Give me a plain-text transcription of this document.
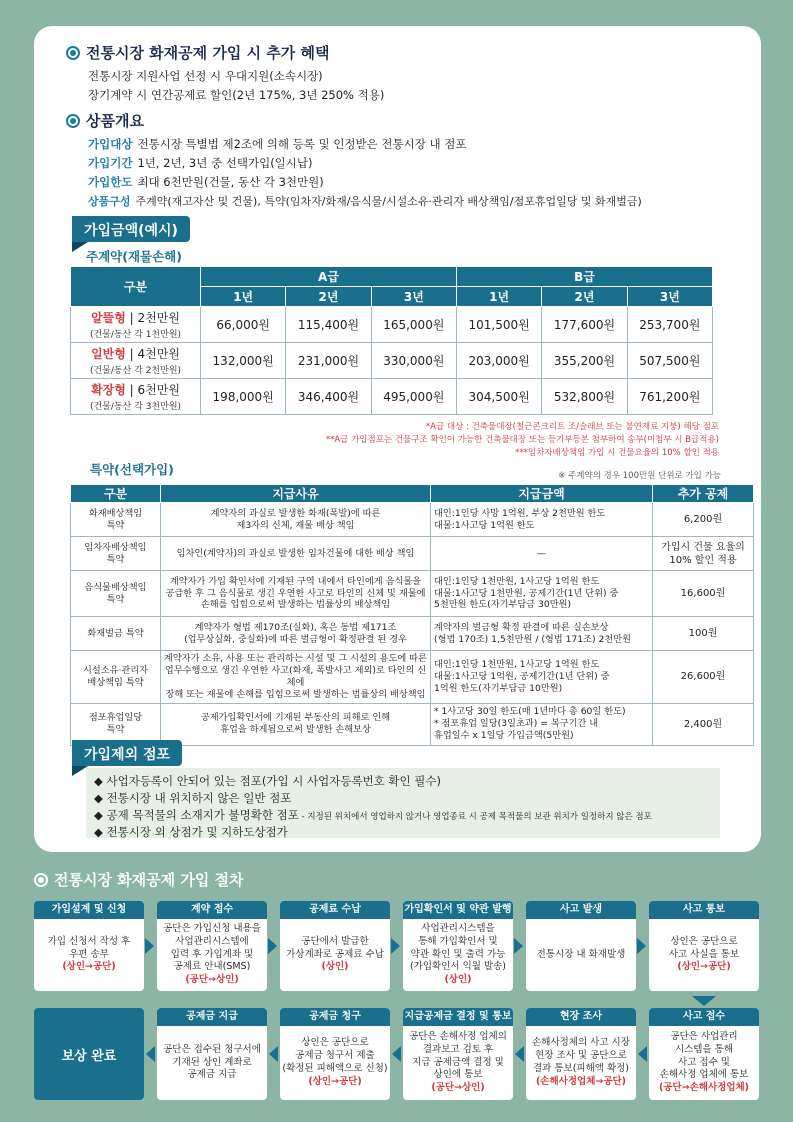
전통시장 화재공제 가입 시 추가 혜택
전통시장 지원사업 선정 시 우대지원(소속시장)
장기계약 시 연간공제료 할인(2년 175%, 3년 250% 적용)
상품개요
가입대상 전통시장 특별법 제2조에 의해 등록 및 인정받은 전통시장 내 점포
가입기간 1년, 2년, 3년 중 선택가입(일시납)
가입한도 최대 6천만원(건물, 동산 각 3천만원)
상품구성 주계약(재고자산 및 건물), 특약(임차자/화재/음식물/시설소유·관리자 배상책임/점포휴업일당 및 화재벌금)
가입금액(예시)
주계약(재물손해)
구분	A급			B급		
	1년	2년	3년	1년	2년	3년
알뜰형 | 2천만원
(건물/동산 각 1천만원)	66,000원	115,400원	165,000원	101,500원	177,600원	253,700원
일반형 | 4천만원
(건물/동산 각 2천만원)	132,000원	231,000원	330,000원	203,000원	355,200원	507,500원
확장형 | 6천만원
(건물/동산 각 3천만원)	198,000원	346,400원	495,000원	304,500원	532,800원	761,200원
*A급 대상 : 건축물대장(철근콘크리트 조/슬래브 또는 불연재료 지붕) 해당 점포
**A급 가입점포는 건물구조 확인이 가능한 건축물대장 또는 등기부등본 첨부하여 송부(미첨부 시 B급적용)
***임차자배상책임 가입 시 건물요율의 10% 할인 적용
특약(선택가입)	※ 주계약의 경우 100만원 단위로 가입 가능
구분	지급사유	지급금액	추가 공제
화재배상책임
특약	계약자의 과실로 발생한 화재(폭발)에 따른
제3자의 신체, 재물 배상 책임	대인:1인당 사망 1억원, 부상 2천만원 한도
대물:1사고당 1억원 한도	6,200원
임차자배상책임
특약	임차인(계약자)의 과실로 발생한 임차건물에 대한 배상 책임	—	가입시 건물 요율의
10% 할인 적용
음식물배상책임
특약	계약자가 가입 확인서에 기재된 구역 내에서 타인에게 음식물을
공급한 후 그 음식물로 생긴 우연한 사고로 타인의 신체 및 재물에
손해를 입힘으로써 발생하는 법률상의 배상책임	대인:1인당 1천만원, 1사고당 1억원 한도
대물:1사고당 1천만원, 공제기간(1년 단위) 중
5천만원 한도(자기부담금 30만원)	16,600원
화재벌금 특약	계약자가 형법 제170조(실화), 혹은 동법 제171조
(업무상실화, 중실화)에 따른 벌금형이 확정판결 된 경우	계약자의 벌금형 확정 판결에 따른 실손보상
(형법 170조) 1,5천만원 / (형법 171조) 2천만원	100원
시설소유·관리자
배상책임 특약	계약자가 소유, 사용 또는 관리하는 시설 및 그 시설의 용도에 따른
업무수행으로 생긴 우연한 사고(화재, 폭발사고 제외)로 타인의 신체에
장해 또는 재물에 손해를 입힘으로써 발생하는 법률상의 배상책임	대인:1인당 1천만원, 1사고당 1억원 한도
대물:1사고당 1억원, 공제기간(1년 단위) 중
1억원 한도(자기부담금 10만원)	26,600원
점포휴업일당
특약	공제가입확인서에 기재된 부동산의 피해로 인해
휴업을 하게됨으로써 발생한 손해보상	* 1사고당 30일 한도(매 1년마다 총 60일 한도)
* 점포휴업 일당(3일초과) = 복구기간 내
휴업일수 x 1일당 가입금액(5만원)	2,400원
가입제외 점포
◆ 사업자등록이 안되어 있는 점포(가입 시 사업자등록번호 확인 필수)
◆ 전통시장 내 위치하지 않은 일반 점포
◆ 공제 목적물의 소재지가 불명확한 점포 - 지정된 위치에서 영업하지 않거나 영업종료 시 공제 목적물의 보관 위치가 일정하지 않은 점포
◆ 전통시장 외 상점가 및 지하도상점가
전통시장 화재공제 가입 절차
가입설계 및 신청
가입 신청서 작성 후
우편 송부
(상인→공단)
계약 접수
공단은 가입신청 내용을
사업관리시스템에
입력 후 가입계좌 및
공제료 안내(SMS)
(공단→상인)
공제료 수납
공단에서 발급한
가상계좌로 공제료 수납
(상인)
가입확인서 및 약관 발행
사업관리시스템을
통해 가입확인서 및
약관 확인 및 출력 가능
(가입확인서 익월 발송)
(상인)
사고 발생
전통시장 내 화재발생
사고 통보
상인은 공단으로
사고 사실을 통보
(상인→공단)
공제금 지급
공단은 접수된 청구서에
기재된 상인 계좌로
공제금 지급
공제금 청구
상인은 공단으로
공제금 청구서 제출
(확정된 피해액으로 신청)
(상인→공단)
지급공제금 결정 및 통보
공단은 손해사정 업체의
결과보고 검토 후
지급 공제금액 결정 및
상인에 통보
(공단→상인)
현장 조사
손해사정체의 사고 시장
현장 조사 및 공단으로
결과 통보(피해액 확정)
(손해사정업체→공단)
사고 접수
공단은 사업관리
시스템을 통해
사고 접수 및
손해사정 업체에 통보
(공단→손해사정업체)
보상 완료
